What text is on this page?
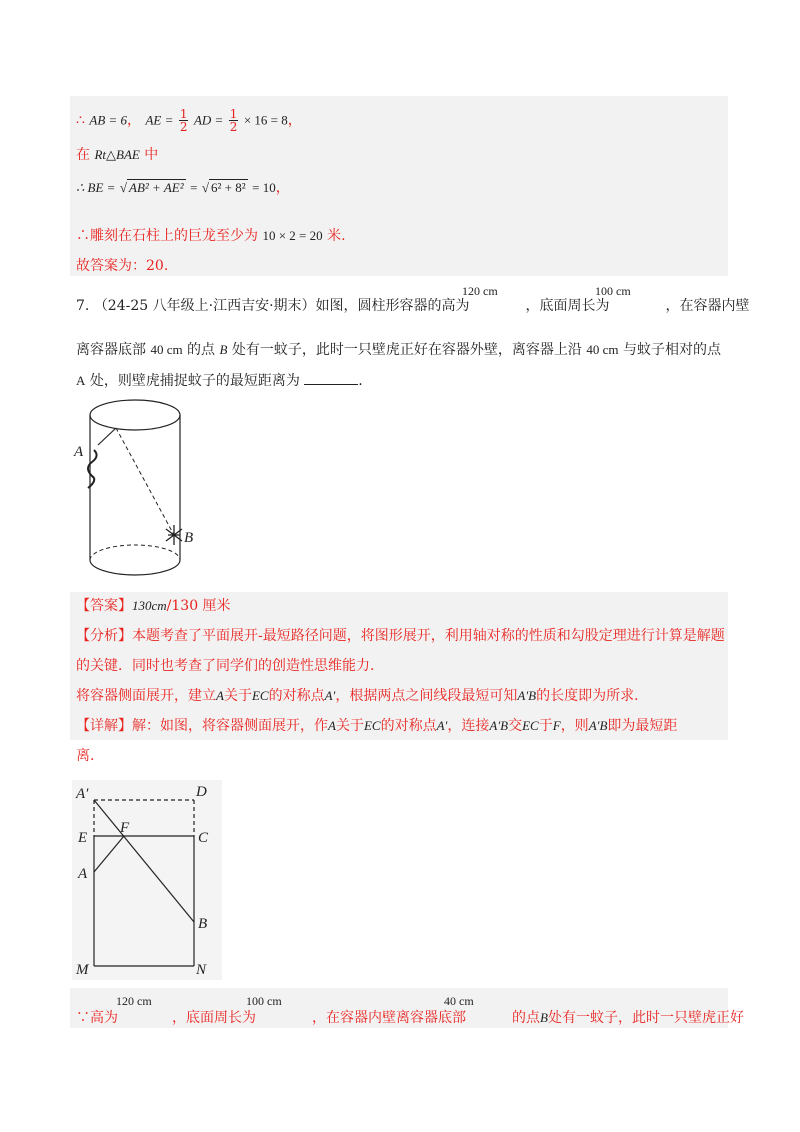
∴ AB = 6， AE = $\frac{1}{2}$ AD = $\frac{1}{2} \times 16 = 8$，
在 Rt△BAE 中
∴ BE = √ AB² + AE² = √ 6² + 8² = 10，
∴雕刻在石柱上的巨龙至少为 10 × 2 = 20 米.
故答案为：20.
120 cm	100 cm
7. （24-25 八年级上·江西吉安·期末）如图，圆柱形容器的高为	，底面周长为	，在容器内壁
离容器底部 40 cm 的点 B 处有一蚊子，此时一只壁虎正好在容器外壁，离容器上沿 40 cm 与蚊子相对的点
A 处，则壁虎捕捉蚊子的最短距离为	.
A
B
【答案】130cm/130 厘米
【分析】本题考查了平面展开-最短路径问题，将图形展开，利用轴对称的性质和勾股定理进行计算是解题
的关键．同时也考查了同学们的创造性思维能力．
将容器侧面展开，建立A关于EC的对称点A′，根据两点之间线段最短可知A′B的长度即为所求．
【详解】解：如图，将容器侧面展开，作A关于EC的对称点A′，连接A′B交EC于F，则A′B即为最短距
离．
A′	D
E
F
C
A
B
M	N
120 cm	100 cm	40 cm
∵高为	，底面周长为	，在容器内壁离容器底部	的点B处有一蚊子，此时一只壁虎正好
